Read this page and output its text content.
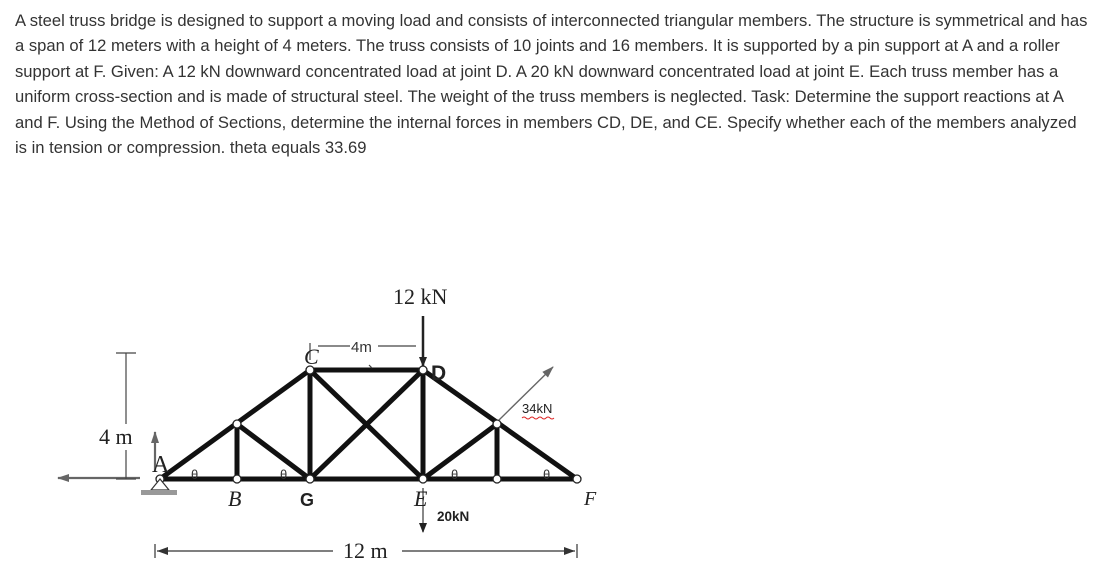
A steel truss bridge is designed to support a moving load and consists of interconnected triangular members. The structure is symmetrical and has a span of 12 meters with a height of 4 meters. The truss consists of 10 joints and 16 members. It is supported by a pin support at A and a roller support at F. Given: A 12 kN downward concentrated load at joint D. A 20 kN downward concentrated load at joint E. Each truss member has a uniform cross-section and is made of structural steel. The weight of the truss members is neglected. Task: Determine the support reactions at A and F. Using the Method of Sections, determine the internal forces in members CD, DE, and CE. Specify whether each of the members analyzed is in tension or compression. theta equals 33.69

4 m
4m
12 kN
20kN
34kN
A
B	G
C
D
E	F
θ	θ	θ	θ
12 m
